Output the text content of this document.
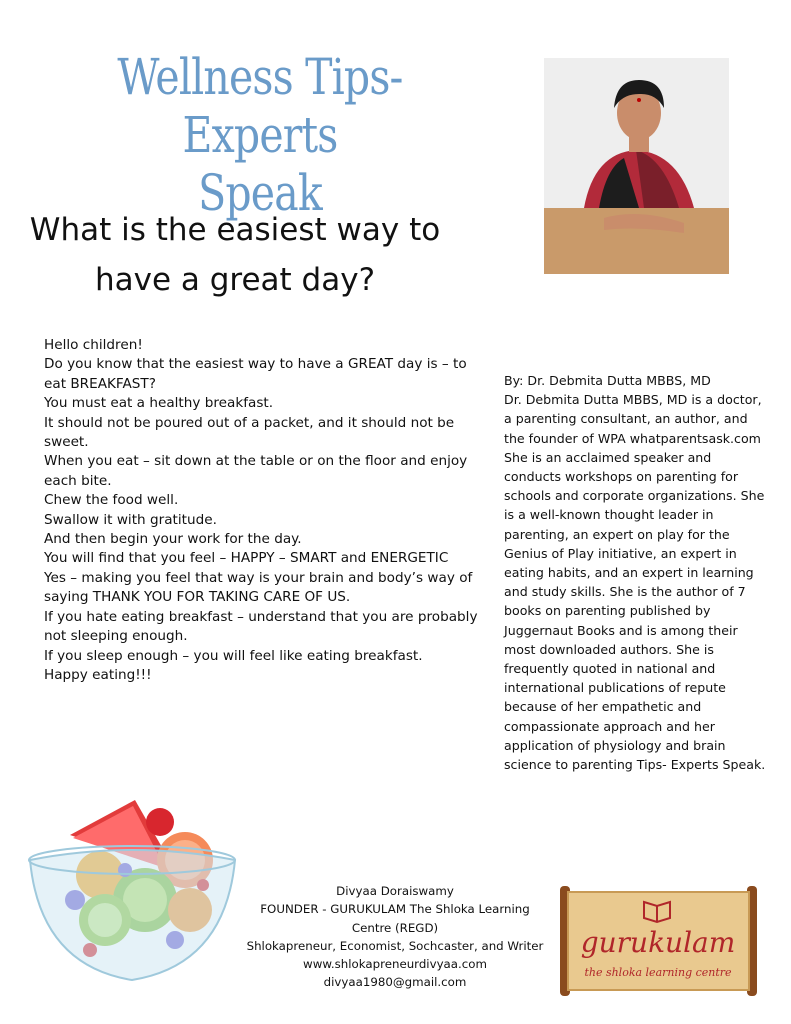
Wellness Tips- Experts
Speak
What is the easiest way to
have a great day?
Hello children!
Do you know that the easiest way to have a GREAT day is – to eat BREAKFAST?
You must eat a healthy breakfast.
It should not be poured out of a packet, and it should not be sweet.
When you eat – sit down at the table or on the floor and enjoy each bite.
Chew the food well.
Swallow it with gratitude.
And then begin your work for the day.
You will find that you feel – HAPPY – SMART and ENERGETIC
Yes – making you feel that way is your brain and body’s way of saying THANK YOU FOR TAKING CARE OF US.
If you hate eating breakfast – understand that you are probably not sleeping enough.
If you sleep enough – you will feel like eating breakfast.
Happy eating!!!
By: Dr. Debmita Dutta MBBS, MD
Dr. Debmita Dutta MBBS, MD is a doctor, a parenting consultant, an author, and the founder of WPA whatparentsask.com She is an acclaimed speaker and conducts workshops on parenting for schools and corporate organizations. She is a well-known thought leader in parenting, an expert on play for the Genius of Play initiative, an expert in eating habits, and an expert in learning and study skills. She is the author of 7 books on parenting published by Juggernaut Books and is among their most downloaded authors. She is frequently quoted in national and international publications of repute because of her empathetic and compassionate approach and her application of physiology and brain science to parenting Tips- Experts Speak.
Divyaa Doraiswamy
FOUNDER - GURUKULAM The Shloka Learning Centre (REGD)
Shlokapreneur, Economist, Sochcaster, and Writer
www.shlokapreneurdivyaa.com
divyaa1980@gmail.com
gurukulam
the shloka learning centre
